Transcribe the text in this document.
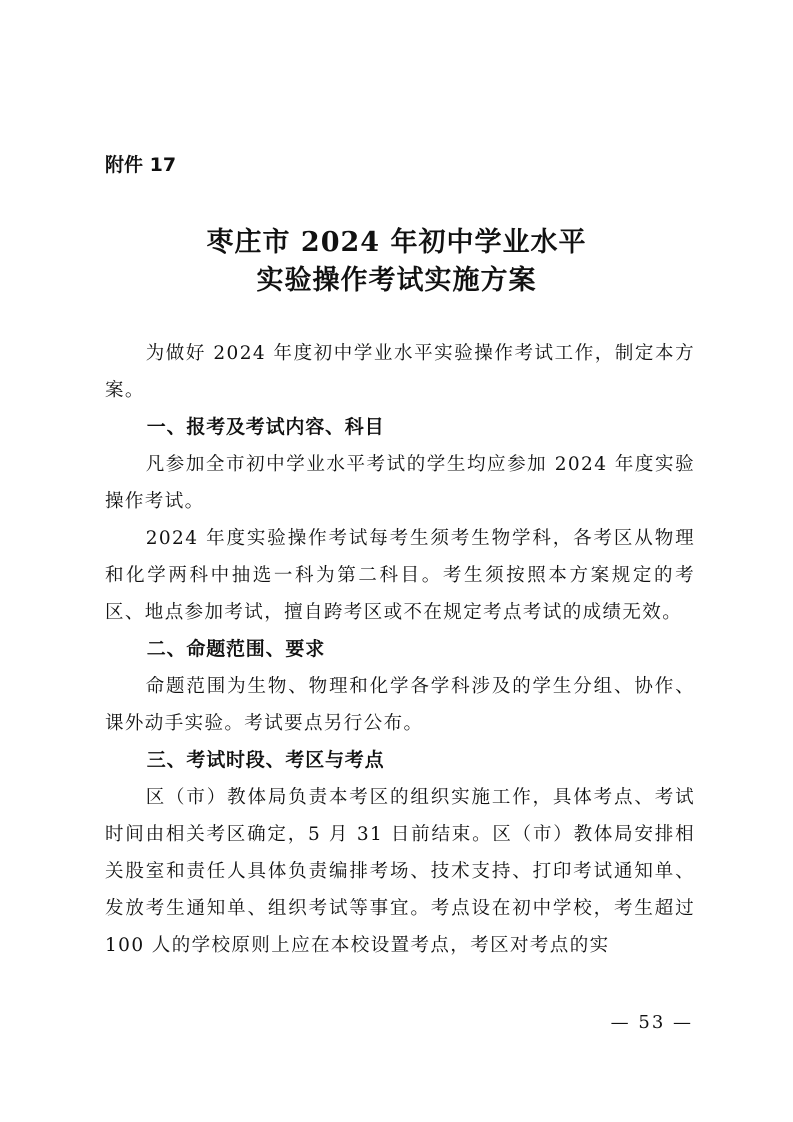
附件 17
枣庄市 2024 年初中学业水平
实验操作考试实施方案

为做好 2024 年度初中学业水平实验操作考试工作，制定本方案。

一、报考及考试内容、科目

凡参加全市初中学业水平考试的学生均应参加 2024 年度实验操作考试。

2024 年度实验操作考试每考生须考生物学科，各考区从物理和化学两科中抽选一科为第二科目。考生须按照本方案规定的考区、地点参加考试，擅自跨考区或不在规定考点考试的成绩无效。

二、命题范围、要求

命题范围为生物、物理和化学各学科涉及的学生分组、协作、课外动手实验。考试要点另行公布。

三、考试时段、考区与考点

区（市）教体局负责本考区的组织实施工作，具体考点、考试时间由相关考区确定，5 月 31 日前结束。区（市）教体局安排相关股室和责任人具体负责编排考场、技术支持、打印考试通知单、发放考生通知单、组织考试等事宜。考点设在初中学校，考生超过 100 人的学校原则上应在本校设置考点，考区对考点的实

— 53 —
